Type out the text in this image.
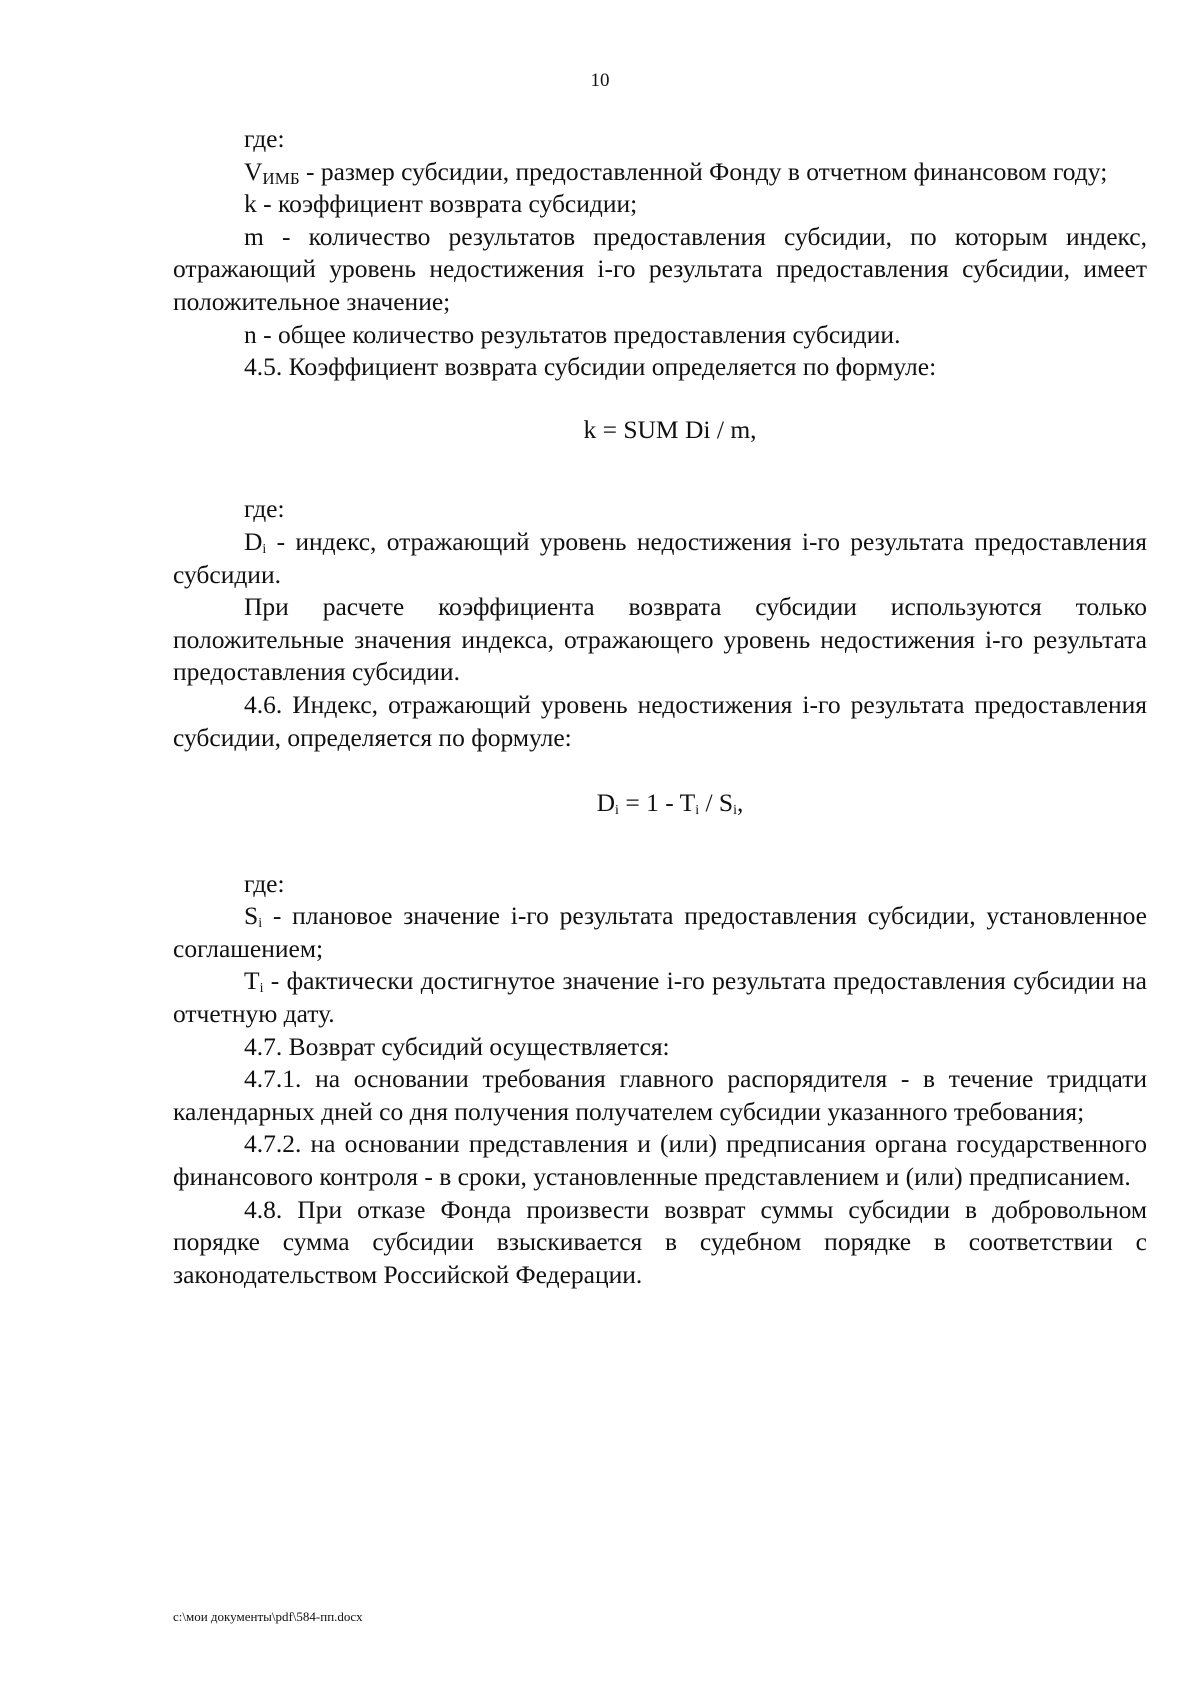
10

где:

VИМБ - размер субсидии, предоставленной Фонду в отчетном финансовом году;

k - коэффициент возврата субсидии;

m - количество результатов предоставления субсидии, по которым индекс, отражающий уровень недостижения i-го результата предоставления субсидии, имеет положительное значение;

n - общее количество результатов предоставления субсидии.

4.5. Коэффициент возврата субсидии определяется по формуле:

k = SUM Di / m,

где:

$D_i$ - индекс, отражающий уровень недостижения i-го результата предоставления субсидии.

При расчете коэффициента возврата субсидии используются только положительные значения индекса, отражающего уровень недостижения i-го результата предоставления субсидии.

4.6. Индекс, отражающий уровень недостижения i-го результата предоставления субсидии, определяется по формуле:

$D_i = 1 - T_i / S_i$,

где:

$S_i$ - плановое значение i-го результата предоставления субсидии, установленное соглашением;

$T_i$ - фактически достигнутое значение i-го результата предоставления субсидии на отчетную дату.

4.7. Возврат субсидий осуществляется:

4.7.1. на основании требования главного распорядителя - в течение тридцати календарных дней со дня получения получателем субсидии указанного требования;

4.7.2. на основании представления и (или) предписания органа государственного финансового контроля - в сроки, установленные представлением и (или) предписанием.

4.8. При отказе Фонда произвести возврат суммы субсидии в добровольном порядке сумма субсидии взыскивается в судебном порядке в соответствии с законодательством Российской Федерации.

c:\мои документы\pdf\584-пп.docx
